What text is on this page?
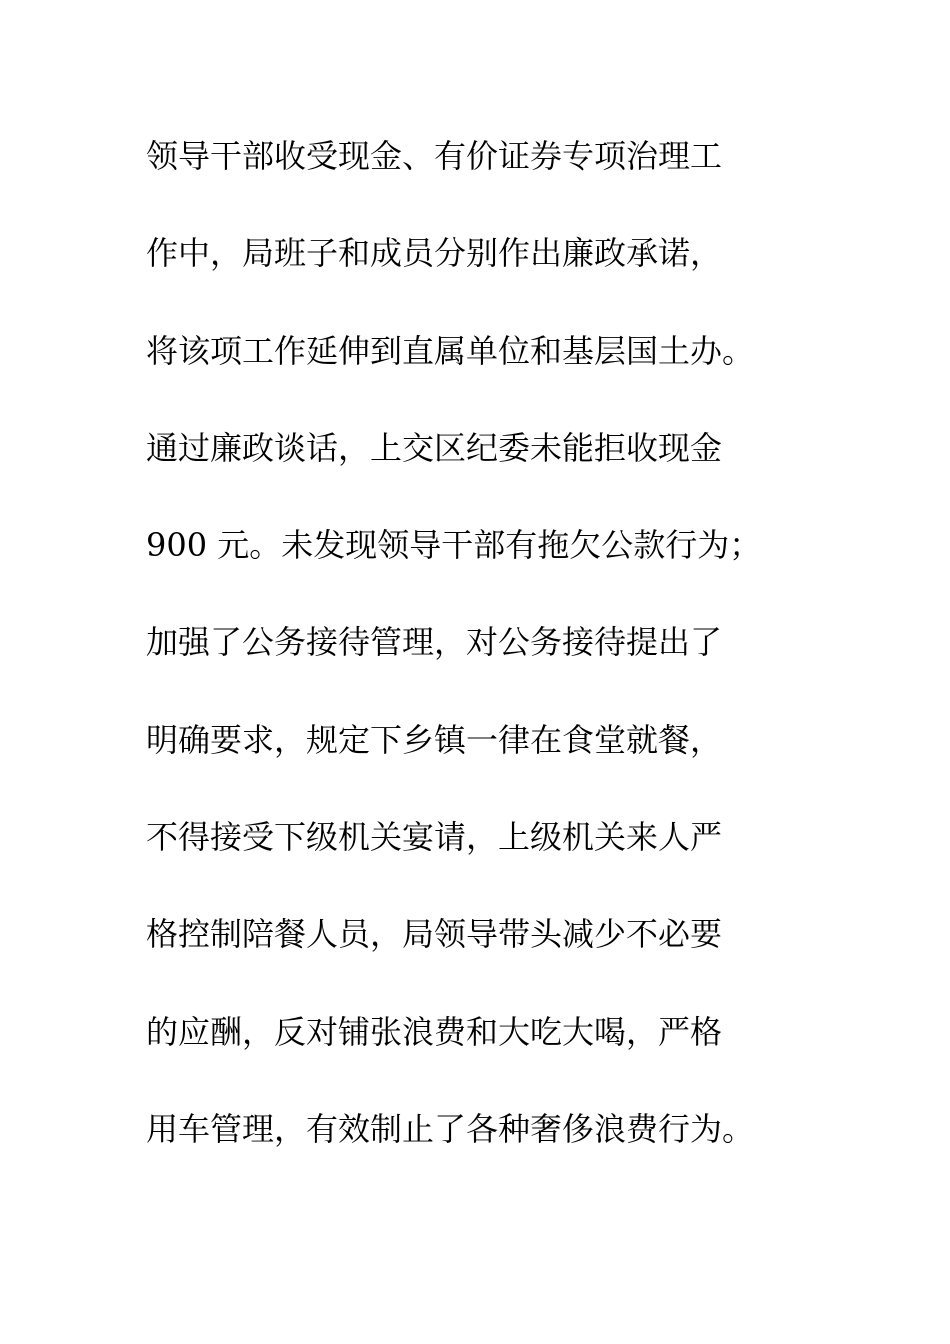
领导干部收受现金、有价证券专项治理工
作中，局班子和成员分别作出廉政承诺，
将该项工作延伸到直属单位和基层国土办。
通过廉政谈话，上交区纪委未能拒收现金
900 元。未发现领导干部有拖欠公款行为；
加强了公务接待管理，对公务接待提出了
明确要求，规定下乡镇一律在食堂就餐，
不得接受下级机关宴请，上级机关来人严
格控制陪餐人员，局领导带头减少不必要
的应酬，反对铺张浪费和大吃大喝，严格
用车管理，有效制止了各种奢侈浪费行为。
